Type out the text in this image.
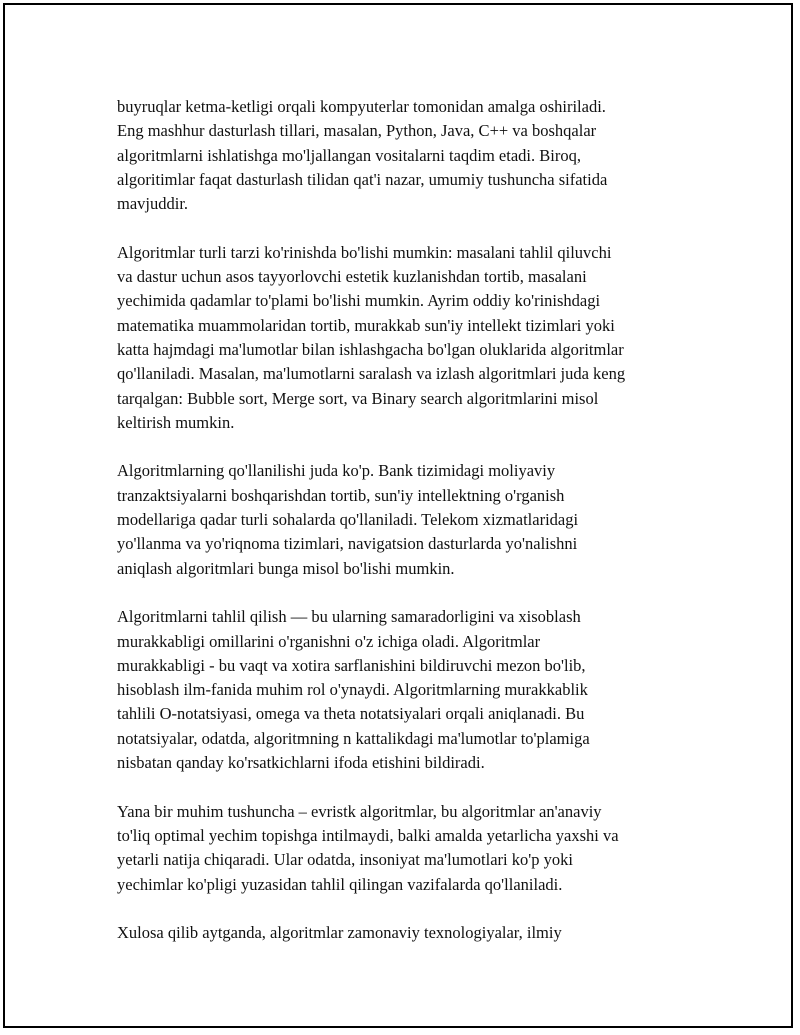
buyruqlar ketma-ketligi orqali kompyuterlar tomonidan amalga oshiriladi.
Eng mashhur dasturlash tillari, masalan, Python, Java, C++ va boshqalar
algoritmlarni ishlatishga mo'ljallangan vositalarni taqdim etadi. Biroq,
algoritimlar faqat dasturlash tilidan qat'i nazar, umumiy tushuncha sifatida
mavjuddir.

Algoritmlar turli tarzi ko'rinishda bo'lishi mumkin: masalani tahlil qiluvchi
va dastur uchun asos tayyorlovchi estetik kuzlanishdan tortib, masalani
yechimida qadamlar to'plami bo'lishi mumkin. Ayrim oddiy ko'rinishdagi
matematika muammolaridan tortib, murakkab sun'iy intellekt tizimlari yoki
katta hajmdagi ma'lumotlar bilan ishlashgacha bo'lgan oluklarida algoritmlar
qo'llaniladi. Masalan, ma'lumotlarni saralash va izlash algoritmlari juda keng
tarqalgan: Bubble sort, Merge sort, va Binary search algoritmlarini misol
keltirish mumkin.

Algoritmlarning qo'llanilishi juda ko'p. Bank tizimidagi moliyaviy
tranzaktsiyalarni boshqarishdan tortib, sun'iy intellektning o'rganish
modellariga qadar turli sohalarda qo'llaniladi. Telekom xizmatlaridagi
yo'llanma va yo'riqnoma tizimlari, navigatsion dasturlarda yo'nalishni
aniqlash algoritmlari bunga misol bo'lishi mumkin.

Algoritmlarni tahlil qilish — bu ularning samaradorligini va xisoblash
murakkabligi omillarini o'rganishni o'z ichiga oladi. Algoritmlar
murakkabligi - bu vaqt va xotira sarflanishini bildiruvchi mezon bo'lib,
hisoblash ilm-fanida muhim rol o'ynaydi. Algoritmlarning murakkablik
tahlili O-notatsiyasi, omega va theta notatsiyalari orqali aniqlanadi. Bu
notatsiyalar, odatda, algoritmning n kattalikdagi ma'lumotlar to'plamiga
nisbatan qanday ko'rsatkichlarni ifoda etishini bildiradi.

Yana bir muhim tushuncha – evristk algoritmlar, bu algoritmlar an'anaviy
to'liq optimal yechim topishga intilmaydi, balki amalda yetarlicha yaxshi va
yetarli natija chiqaradi. Ular odatda, insoniyat ma'lumotlari ko'p yoki
yechimlar ko'pligi yuzasidan tahlil qilingan vazifalarda qo'llaniladi.

Xulosa qilib aytganda, algoritmlar zamonaviy texnologiyalar, ilmiy
